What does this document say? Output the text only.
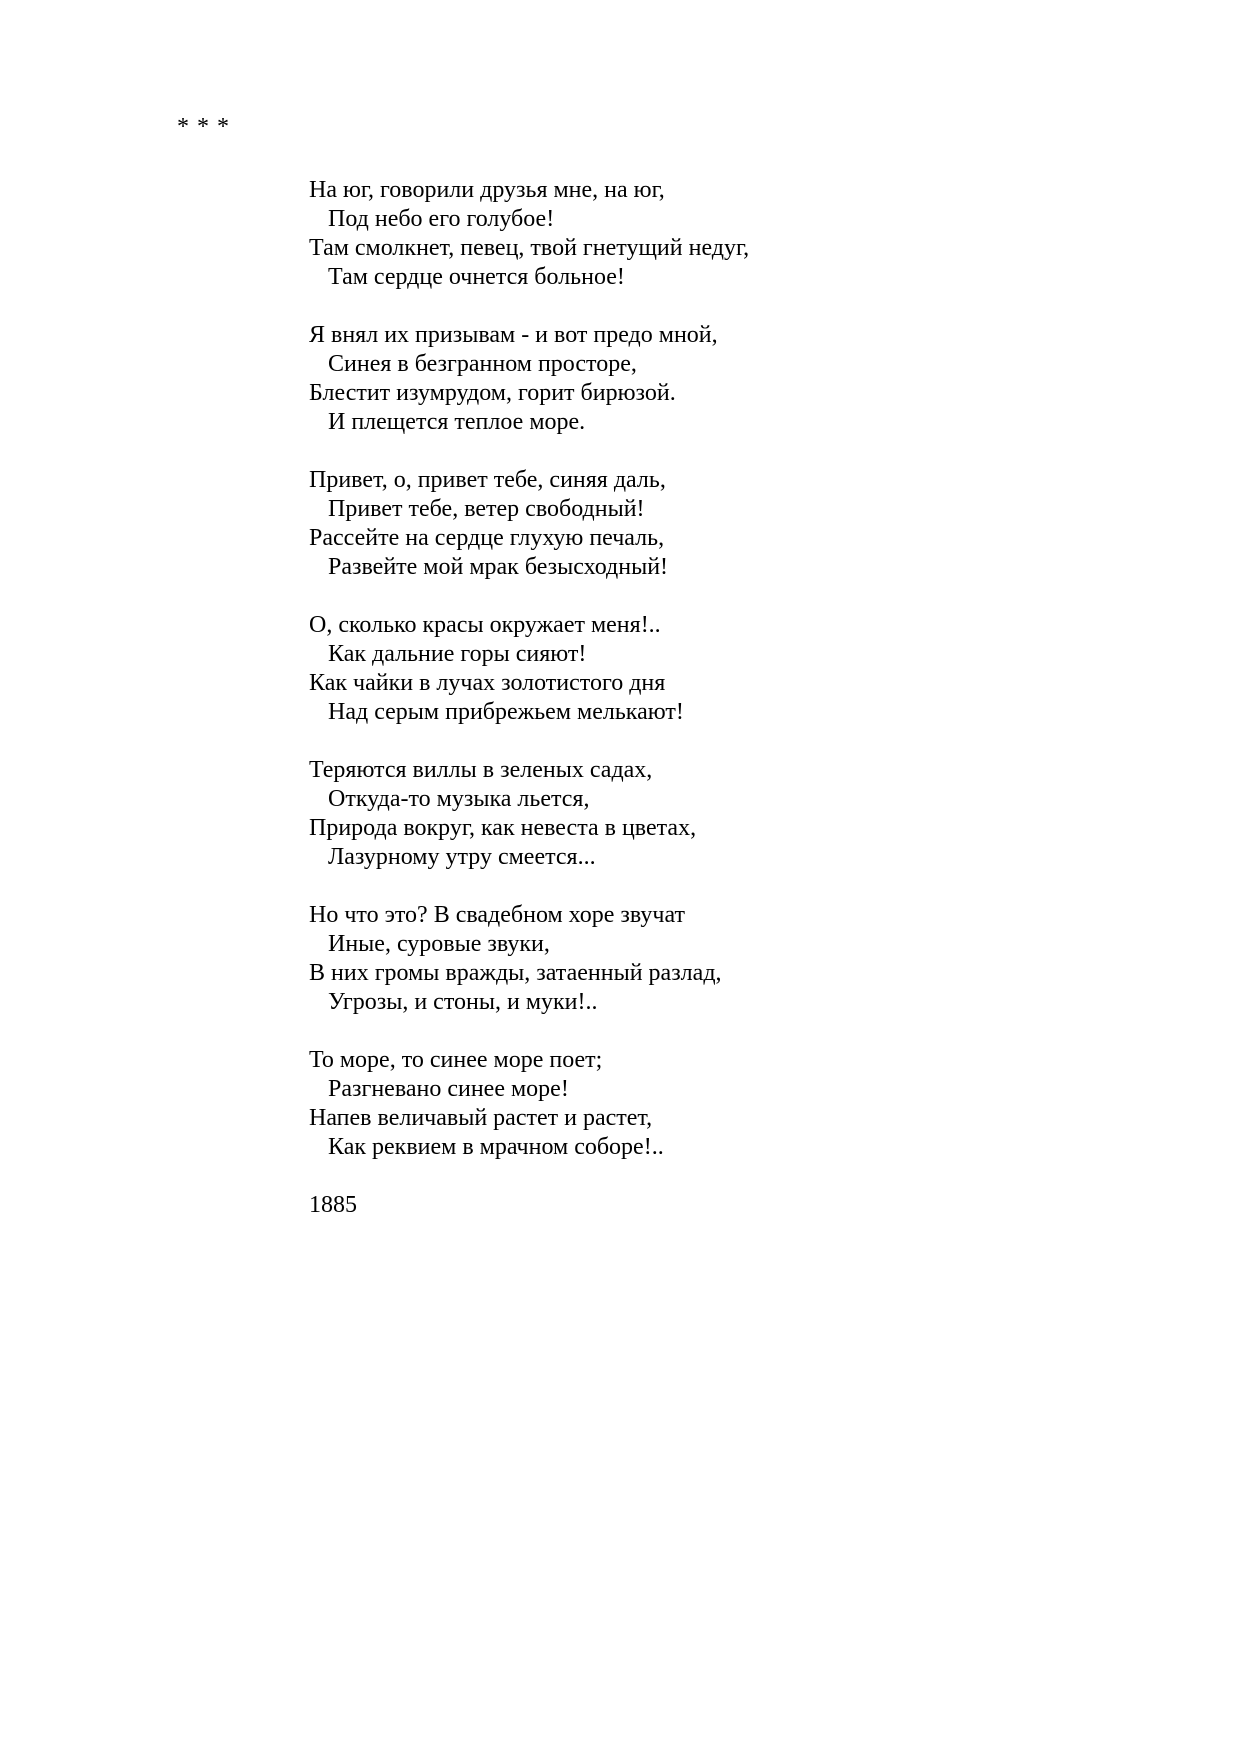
* * *
На юг, говорили друзья мне, на юг,
Под небо его голубое!
Там смолкнет, певец, твой гнетущий недуг,
Там сердце очнется больное!
Я внял их призывам - и вот предо мной,
Синея в безгранном просторе,
Блестит изумрудом, горит бирюзой.
И плещется теплое море.
Привет, о, привет тебе, синяя даль,
Привет тебе, ветер свободный!
Рассейте на сердце глухую печаль,
Развейте мой мрак безысходный!
О, сколько красы окружает меня!..
Как дальние горы сияют!
Как чайки в лучах золотистого дня
Над серым прибрежьем мелькают!
Теряются виллы в зеленых садах,
Откуда-то музыка льется,
Природа вокруг, как невеста в цветах,
Лазурному утру смеется...
Но что это? В свадебном хоре звучат
Иные, суровые звуки,
В них громы вражды, затаенный разлад,
Угрозы, и стоны, и муки!..
То море, то синее море поет;
Разгневано синее море!
Напев величавый растет и растет,
Как реквием в мрачном соборе!..
1885
